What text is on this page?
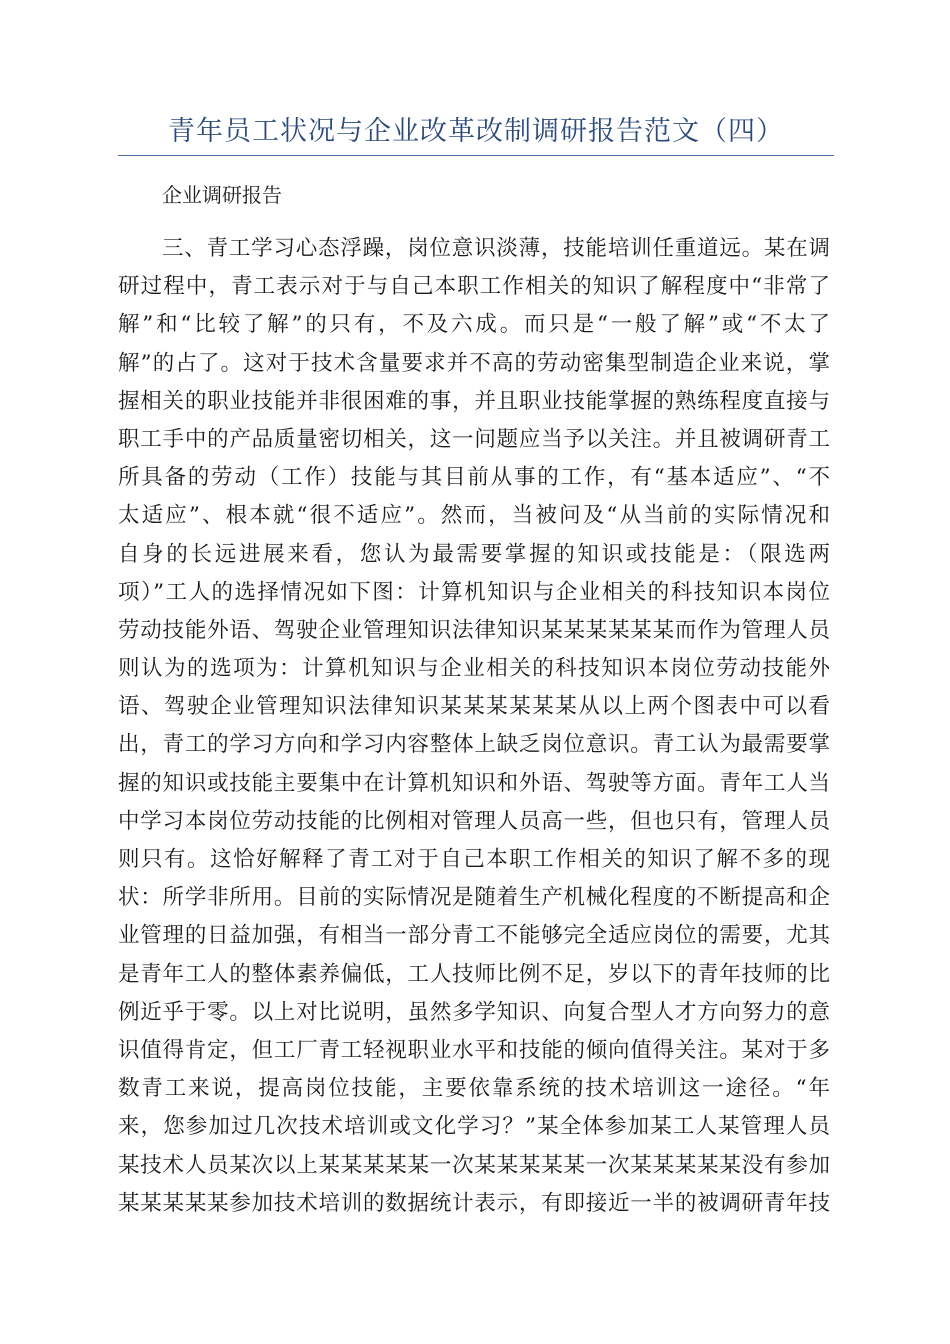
青年员工状况与企业改革改制调研报告范文（四）
企业调研报告
三、青工学习心态浮躁，岗位意识淡薄，技能培训任重道远。某在调
研过程中，青工表示对于与自己本职工作相关的知识了解程度中“非常了
解”和“比较了解”的只有，不及六成。而只是“一般了解”或“不太了
解”的占了。这对于技术含量要求并不高的劳动密集型制造企业来说，掌
握相关的职业技能并非很困难的事，并且职业技能掌握的熟练程度直接与
职工手中的产品质量密切相关，这一问题应当予以关注。并且被调研青工
所具备的劳动（工作）技能与其目前从事的工作，有“基本适应”、“不
太适应”、根本就“很不适应”。然而，当被问及“从当前的实际情况和
自身的长远进展来看，您认为最需要掌握的知识或技能是：（限选两
项）”工人的选择情况如下图：计算机知识与企业相关的科技知识本岗位
劳动技能外语、驾驶企业管理知识法律知识某某某某某某而作为管理人员
则认为的选项为：计算机知识与企业相关的科技知识本岗位劳动技能外
语、驾驶企业管理知识法律知识某某某某某某从以上两个图表中可以看
出，青工的学习方向和学习内容整体上缺乏岗位意识。青工认为最需要掌
握的知识或技能主要集中在计算机知识和外语、驾驶等方面。青年工人当
中学习本岗位劳动技能的比例相对管理人员高一些，但也只有，管理人员
则只有。这恰好解释了青工对于自己本职工作相关的知识了解不多的现
状：所学非所用。目前的实际情况是随着生产机械化程度的不断提高和企
业管理的日益加强，有相当一部分青工不能够完全适应岗位的需要，尤其
是青年工人的整体素养偏低，工人技师比例不足，岁以下的青年技师的比
例近乎于零。以上对比说明，虽然多学知识、向复合型人才方向努力的意
识值得肯定，但工厂青工轻视职业水平和技能的倾向值得关注。某对于多
数青工来说，提高岗位技能，主要依靠系统的技术培训这一途径。“年
来，您参加过几次技术培训或文化学习？”某全体参加某工人某管理人员
某技术人员某次以上某某某某某一次某某某某某一次某某某某某没有参加
某某某某某参加技术培训的数据统计表示，有即接近一半的被调研青年技
